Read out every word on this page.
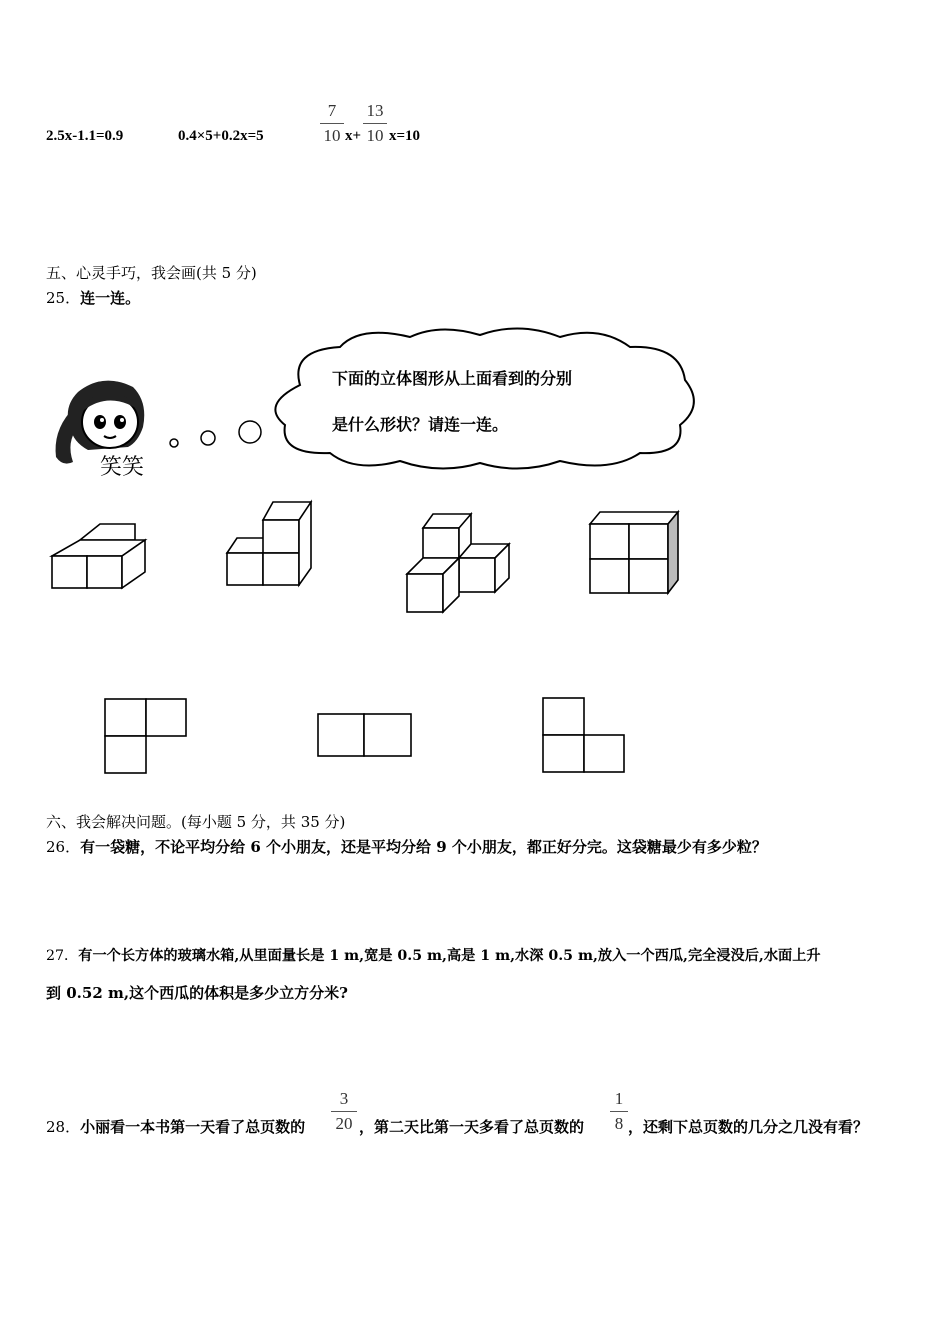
2.5x-1.1=0.9	0.4×5+0.2x=5
7
10 x+
13
10 x=10
五、心灵手巧，我会画(共 5 分)
25．连一连。
笑笑
下面的立体图形从上面看到的分别
是什么形状？请连一连。
六、我会解决问题。(每小题 5 分，共 35 分)
26．有一袋糖，不论平均分给 6 个小朋友，还是平均分给 9 个小朋友，都正好分完。这袋糖最少有多少粒？
27．有一个长方体的玻璃水箱,从里面量长是 1 m,宽是 0.5 m,高是 1 m,水深 0.5 m,放入一个西瓜,完全浸没后,水面上升
到 0.52 m,这个西瓜的体积是多少立方分米?
28．小丽看一本书第一天看了总页数的
3
20 ，第二天比第一天多看了总页数的
1
8 ，还剩下总页数的几分之几没有看？
